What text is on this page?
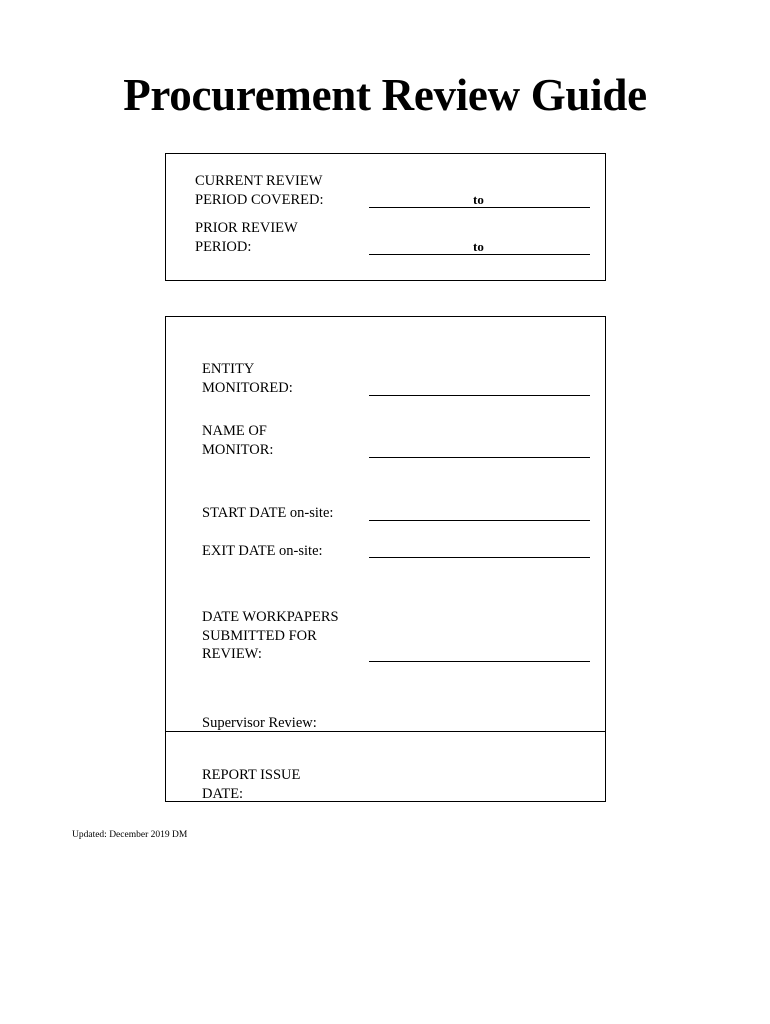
Procurement Review Guide
CURRENT REVIEW
PERIOD COVERED:	to
PRIOR REVIEW
PERIOD:	to
ENTITY
MONITORED:
NAME OF
MONITOR:
START DATE on-site:
EXIT DATE on-site:
DATE WORKPAPERS
SUBMITTED FOR
REVIEW:
Supervisor Review:
REPORT ISSUE
DATE:
Updated: December 2019 DM
